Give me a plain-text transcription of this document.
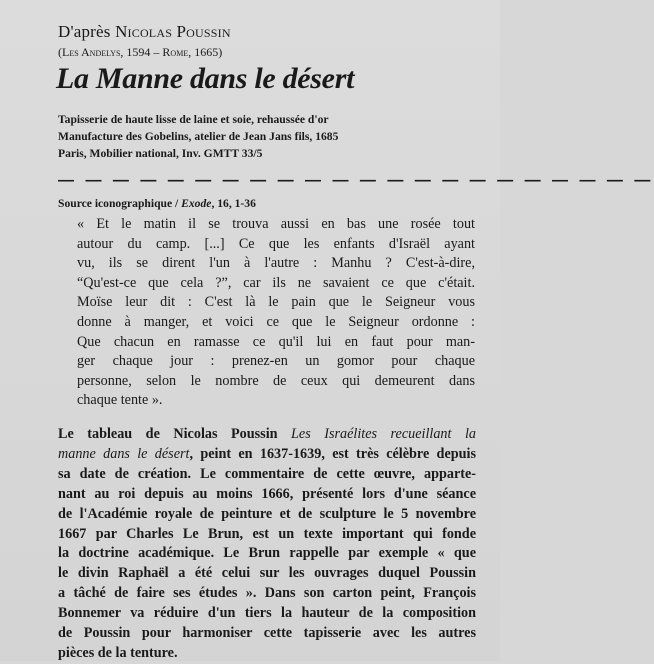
D'après Nicolas Poussin
(Les Andelys, 1594 – Rome, 1665)
La Manne dans le désert
Tapisserie de haute lisse de laine et soie, rehaussée d'or
Manufacture des Gobelins, atelier de Jean Jans fils, 1685
Paris, Mobilier national, Inv. GMTT 33/5
— — — — — — — — — — — — — — — — — — — — — —
Source iconographique / Exode, 16, 1-36
« Et le matin il se trouva aussi en bas une rosée tout
autour du camp. [...] Ce que les enfants d'Israël ayant
vu, ils se dirent l'un à l'autre : Manhu ? C'est-à-dire,
“Qu'est-ce que cela ?”, car ils ne savaient ce que c'était.
Moïse leur dit : C'est là le pain que le Seigneur vous
donne à manger, et voici ce que le Seigneur ordonne :
Que chacun en ramasse ce qu'il lui en faut pour man-
ger chaque jour : prenez-en un gomor pour chaque
personne, selon le nombre de ceux qui demeurent dans
chaque tente ».
Le tableau de Nicolas Poussin Les Israélites recueillant la
manne dans le désert, peint en 1637-1639, est très célèbre depuis
sa date de création. Le commentaire de cette œuvre, apparte-
nant au roi depuis au moins 1666, présenté lors d'une séance
de l'Académie royale de peinture et de sculpture le 5 novembre
1667 par Charles Le Brun, est un texte important qui fonde
la doctrine académique. Le Brun rappelle par exemple « que
le divin Raphaël a été celui sur les ouvrages duquel Poussin
a tâché de faire ses études ». Dans son carton peint, François
Bonnemer va réduire d'un tiers la hauteur de la composition
de Poussin pour harmoniser cette tapisserie avec les autres
pièces de la tenture.
